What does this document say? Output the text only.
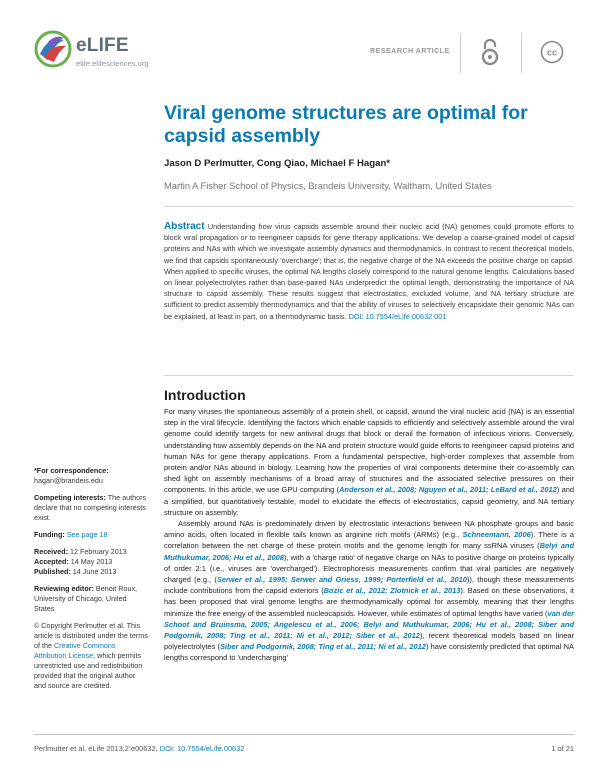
eLIFE
elife.elifesciences.org
RESEARCH ARTICLE	cc
Viral genome structures are optimal for capsid assembly
Jason D Perlmutter, Cong Qiao, Michael F Hagan*
Martin A Fisher School of Physics, Brandeis University, Waltham, United States
Abstract Understanding how virus capsids assemble around their nucleic acid (NA) genomes could promote efforts to block viral propagation or to reengineer capsids for gene therapy applications. We develop a coarse-grained model of capsid proteins and NAs with which we investigate assembly dynamics and thermodynamics. In contrast to recent theoretical models, we find that capsids spontaneously 'overcharge'; that is, the negative charge of the NA exceeds the positive charge on capsid. When applied to specific viruses, the optimal NA lengths closely correspond to the natural genome lengths. Calculations based on linear polyelectrolytes rather than base-paired NAs underpredict the optimal length, demonstrating the importance of NA structure to capsid assembly. These results suggest that electrostatics, excluded volume, and NA tertiary structure are sufficient to predict assembly thermodynamics and that the ability of viruses to selectively encapsidate their genomic NAs can be explained, at least in part, on a thermodynamic basis. DOI: 10.7554/eLife.00632.001
Introduction

For many viruses the spontaneous assembly of a protein shell, or capsid, around the viral nucleic acid (NA) is an essential step in the viral lifecycle. Identifying the factors which enable capsids to efficiently and selectively assemble around the viral genome could identify targets for new antiviral drugs that block or derail the formation of infectious virions. Conversely, understanding how assembly depends on the NA and protein structure would guide efforts to reengineer capsid proteins and human NAs for gene therapy applications. From a fundamental perspective, high-order complexes that assemble from protein and/or NAs abound in biology. Learning how the properties of viral components determine their co-assembly can shed light on assembly mechanisms of a broad array of structures and the associated selective pressures on their components. In this article, we use GPU computing (Anderson et al., 2008; Nguyen et al., 2011; LeBard et al., 2012) and a simplified, but quantitatively testable, model to elucidate the effects of electrostatics, capsid geometry, and NA tertiary structure on assembly.

Assembly around NAs is predominately driven by electrostatic interactions between NA phosphate groups and basic amino acids, often located in flexible tails known as arginine rich motifs (ARMs) (e.g., Schneemann, 2006). There is a correlation between the net charge of these protein motifs and the genome length for many ssRNA viruses (Belyi and Muthukumar, 2006; Hu et al., 2008), with a 'charge ratio' of negative charge on NAs to positive charge on proteins typically of order 2:1 (i.e., viruses are 'overcharged'). Electrophoresis measurements confirm that viral particles are negatively charged (e.g., (Serwer et al., 1995; Serwer and Griess, 1999; Porterfield et al., 2010)), though these measurements include contributions from the capsid exteriors (Bozic et al., 2012; Zlotnick et al., 2013). Based on these observations, it has been proposed that viral genome lengths are thermodynamically optimal for assembly, meaning that their lengths minimize the free energy of the assembled nucleocapsids. However, while estimates of optimal lengths have varied (van der Schoot and Bruinsma, 2005; Angelescu et al., 2006; Belyi and Muthukumar, 2006; Hu et al., 2008; Siber and Podgornik, 2008; Ting et al., 2011; Ni et al., 2012; Siber et al., 2012), recent theoretical models based on linear polyelectrolytes (Siber and Podgornik, 2008; Ting et al., 2011; Ni et al., 2012) have consistently predicted that optimal NA lengths correspond to 'undercharging'

*For correspondence: hagan@brandeis.edu
Competing interests: The authors declare that no competing interests exist.
Funding: See page 18
Received: 12 February 2013
Accepted: 14 May 2013
Published: 14 June 2013
Reviewing editor: Benoit Roux, University of Chicago, United States
© Copyright Perlmutter et al. This article is distributed under the terms of the Creative Commons Attribution License, which permits unrestricted use and redistribution provided that the original author and source are credited.
Perlmutter et al. eLife 2013;2:e00632. DOI: 10.7554/eLife.00632	1 of 21
